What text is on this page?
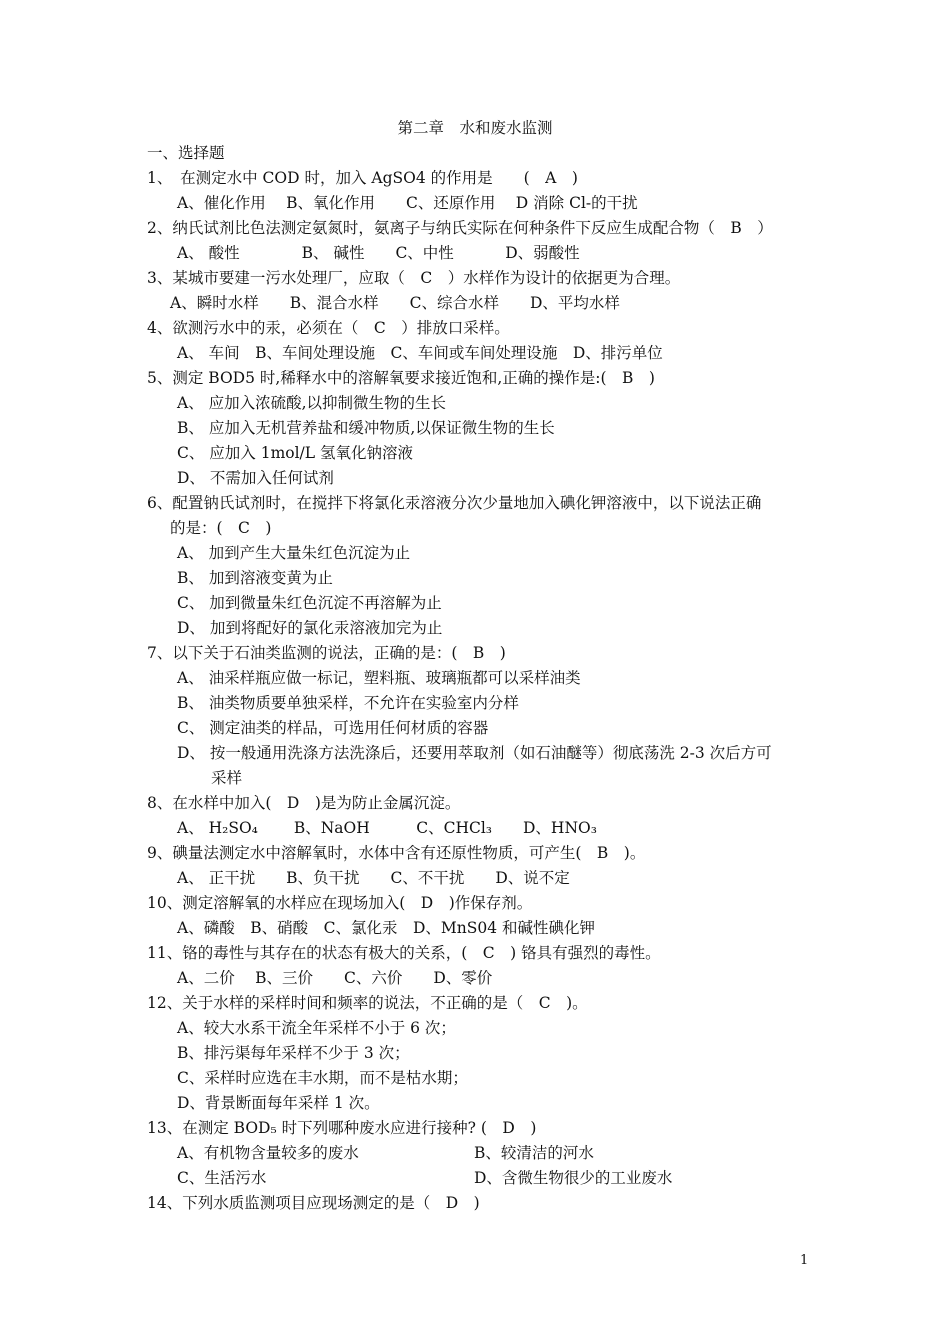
第二章　水和废水监测
一、选择题
1、　在测定水中 COD 时，加入 AgSO4 的作用是　　(　A　)
A、催化作用　 B、氧化作用　　C、还原作用　 D 消除 Cl-的干扰
2、纳氏试剂比色法测定氨氮时，氨离子与纳氏实际在何种条件下反应生成配合物（　B　）
A、 酸性　　　　B、 碱性　　C、中性　　　 D、弱酸性
3、某城市要建一污水处理厂，应取（　C　）水样作为设计的依据更为合理。
A、瞬时水样　　B、混合水样　　C、综合水样　　D、平均水样
4、欲测污水中的汞，必须在（　C　）排放口采样。
A、 车间　B、车间处理设施　C、车间或车间处理设施　D、排污单位
5、测定 BOD5 时,稀释水中的溶解氧要求接近饱和,正确的操作是:(　B　)
A、 应加入浓硫酸,以抑制微生物的生长
B、 应加入无机营养盐和缓冲物质,以保证微生物的生长
C、 应加入 1mol/L 氢氧化钠溶液
D、 不需加入任何试剂
6、配置钠氏试剂时，在搅拌下将氯化汞溶液分次少量地加入碘化钾溶液中，以下说法正确
的是：(　C　)
A、 加到产生大量朱红色沉淀为止
B、 加到溶液变黄为止
C、 加到微量朱红色沉淀不再溶解为止
D、 加到将配好的氯化汞溶液加完为止
7、以下关于石油类监测的说法，正确的是：(　B　)
A、 油采样瓶应做一标记，塑料瓶、玻璃瓶都可以采样油类
B、 油类物质要单独采样，不允许在实验室内分样
C、 测定油类的样品，可选用任何材质的容器
D、 按一般通用洗涤方法洗涤后，还要用萃取剂（如石油醚等）彻底荡洗 2-3 次后方可
采样
8、在水样中加入(　D　)是为防止金属沉淀。
A、 H₂SO₄　　 B、NaOH　　　C、CHCl₃　　D、HNO₃
9、碘量法测定水中溶解氧时，水体中含有还原性物质，可产生(　B　)。
A、 正干扰　　B、负干扰　　C、不干扰　　D、说不定
10、测定溶解氧的水样应在现场加入(　D　)作保存剂。
A、磷酸　B、硝酸　C、氯化汞　D、MnS04 和碱性碘化钾
11、铬的毒性与其存在的状态有极大的关系，(　C　) 铬具有强烈的毒性。
A、二价　 B、三价　　C、六价　　D、零价
12、关于水样的采样时间和频率的说法，不正确的是（　C　)。
A、较大水系干流全年采样不小于 6 次；
B、排污渠每年采样不少于 3 次；
C、采样时应选在丰水期，而不是枯水期；
D、背景断面每年采样 1 次。
13、在测定 BOD₅ 时下列哪种废水应进行接种? (　D　)
A、有机物含量较多的废水	B、较清洁的河水
C、生活污水	D、含微生物很少的工业废水
14、下列水质监测项目应现场测定的是（　D　)
1
